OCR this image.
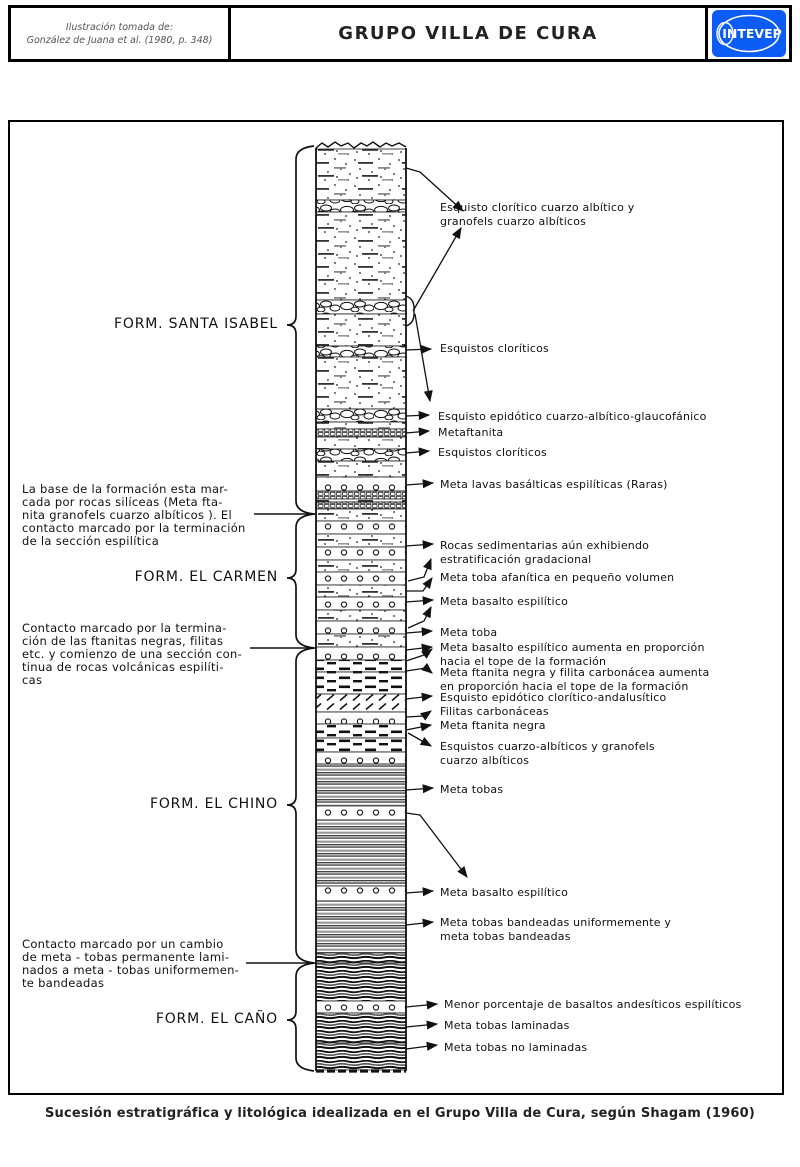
Ilustración tomada de:
González de Juana et al. (1980, p. 348)	GRUPO VILLA DE CURA	INTEVEP
FORM. SANTA ISABEL
FORM. EL CARMEN
FORM. EL CHINO
FORM. EL CAÑO
La base de la formación esta mar-
cada por rocas silíceas (Meta fta-
nita granofels cuarzo albíticos ). El
contacto marcado por la terminación
de la sección espilítica
Contacto marcado por la termina-
ción de las ftanitas negras, filitas
etc. y comienzo de una sección con-
tinua de rocas volcánicas espilíti-
cas
Contacto marcado por un cambio
de meta - tobas permanente lami-
nados a meta - tobas uniformemen-
te bandeadas
Esquisto clorítico cuarzo albítico y
granofels cuarzo albíticos
Esquistos cloríticos
Esquisto epidótico cuarzo-albítico-glaucofánico
Metaftanita
Esquistos cloríticos
Meta lavas basálticas espilíticas (Raras)
Rocas sedimentarias aún exhibiendo
estratificación gradacional
Meta toba afanítica en pequeño volumen
Meta basalto espilítico
Meta toba
Meta basalto espilítico aumenta en proporción
hacia el tope de la formación
Meta ftanita negra y filita carbonácea aumenta
en proporción hacia el tope de la formación
Esquisto epidótico clorítico-andalusítico
Filitas carbonáceas
Meta ftanita negra
Esquistos cuarzo-albíticos y granofels
cuarzo albíticos
Meta tobas
Meta basalto espilítico
Meta tobas bandeadas uniformemente y
meta tobas bandeadas
Menor porcentaje de basaltos andesíticos espilíticos
Meta tobas laminadas
Meta tobas no laminadas
Sucesión estratigráfica y litológica idealizada en el Grupo Villa de Cura, según Shagam (1960)
